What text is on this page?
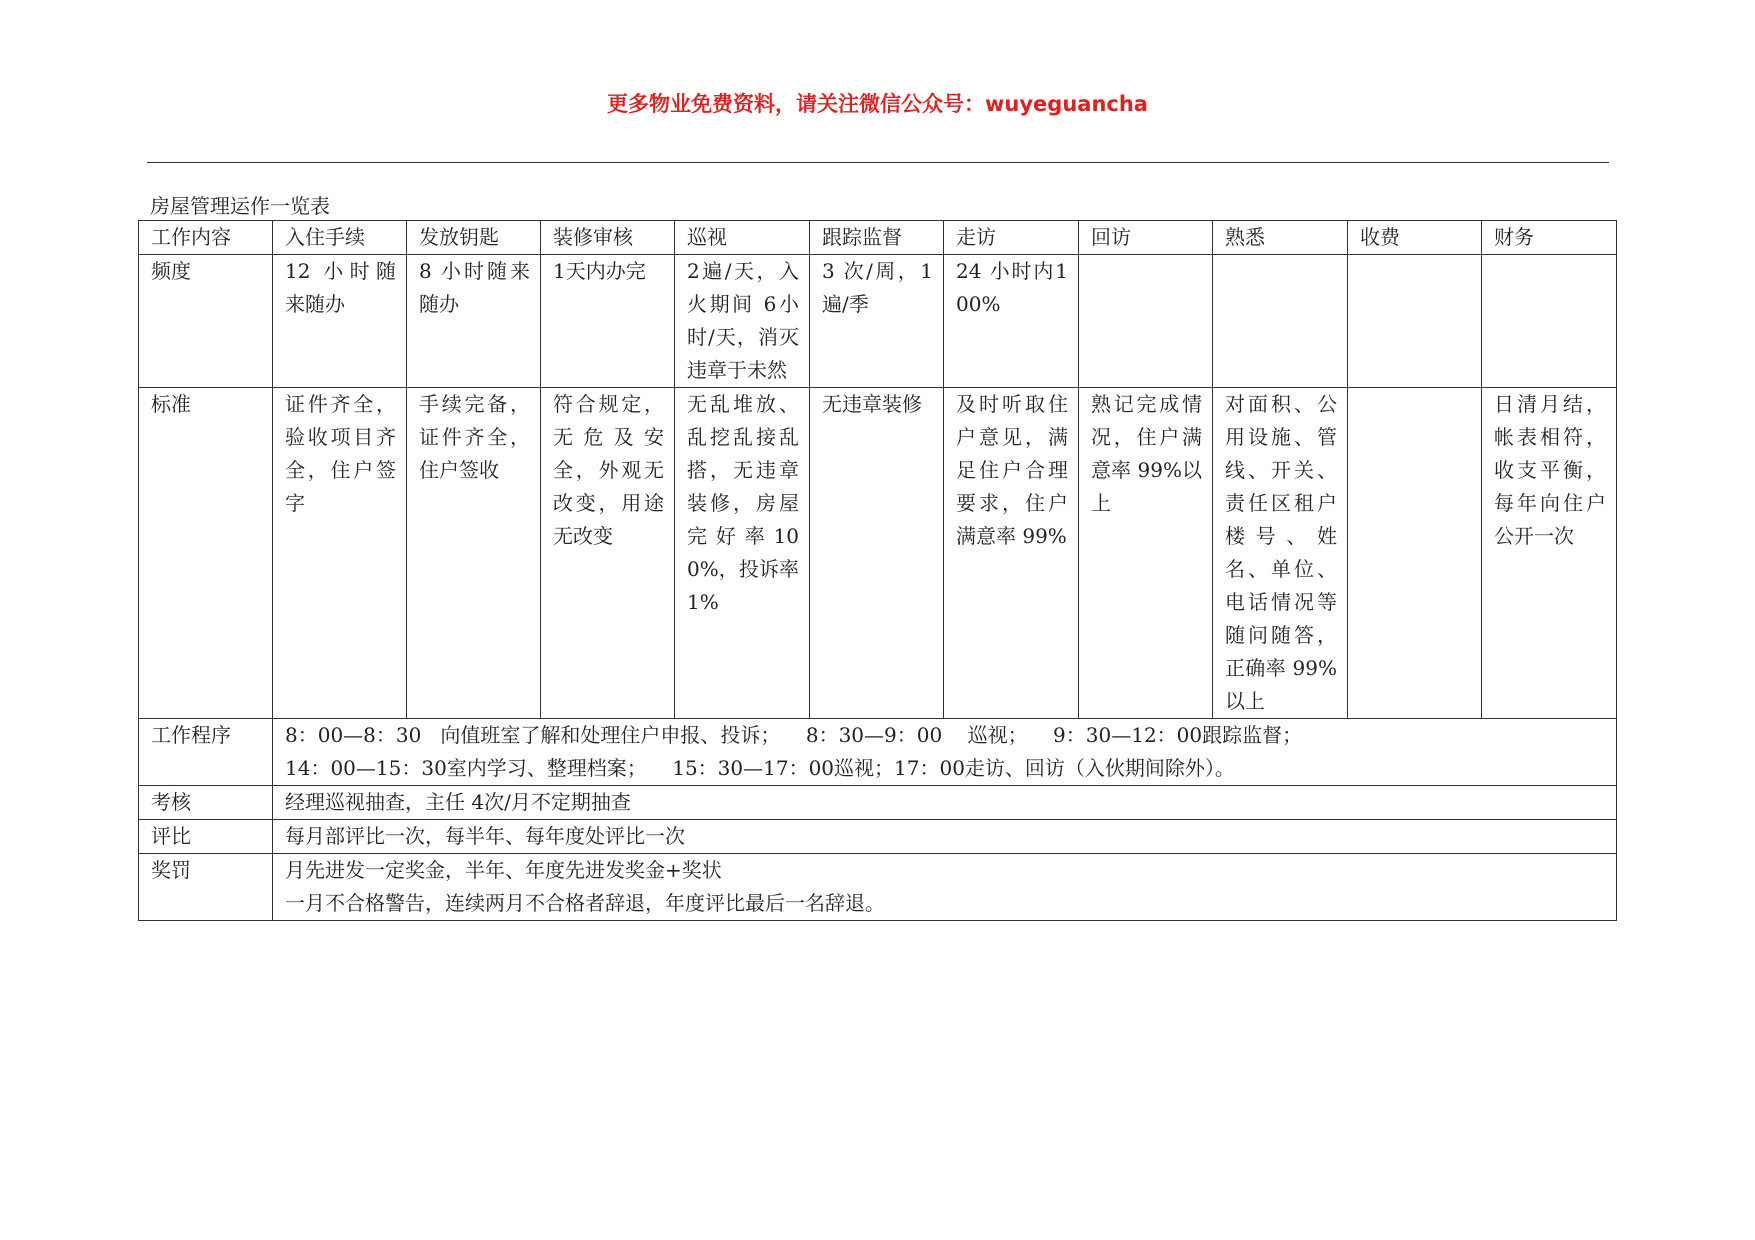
更多物业免费资料，请关注微信公众号：wuyeguancha
房屋管理运作一览表
工作内容	入住手续	发放钥匙	装修审核	巡视	跟踪监督	走访	回访	熟悉	收费	财务
频度	12 小时随来随办	8 小时随来随办	1天内办完	2遍/天，入火期间 6小时/天，消灭违章于未然	3 次/周，1遍/季	24 小时内100%				
标准	证件齐全，验收项目齐全，住户签字	手续完备，证件齐全，住户签收	符合规定，无危及安全，外观无改变，用途无改变	无乱堆放、乱挖乱接乱搭，无违章装修，房屋完好率100%，投诉率 1%	无违章装修	及时听取住户意见，满足住户合理要求，住户满意率 99%	熟记完成情况，住户满意率 99%以上	对面积、公用设施、管线、开关、责任区租户楼号、姓名、单位、电话情况等随问随答，正确率 99%以上		日清月结，帐表相符，收支平衡，每年向住户公开一次
工作程序	8：00—8：30   向值班室了解和处理住户申报、投诉；    8：30—9：00    巡视；    9：30—12：00跟踪监督；
14：00—15：30室内学习、整理档案；    15：30—17：00巡视；17：00走访、回访（入伙期间除外）。									

考核	经理巡视抽查，主任 4次/月不定期抽查									
评比	每月部评比一次，每半年、每年度处评比一次									
奖罚	月先进发一定奖金，半年、年度先进发奖金+奖状
一月不合格警告，连续两月不合格者辞退，年度评比最后一名辞退。									
